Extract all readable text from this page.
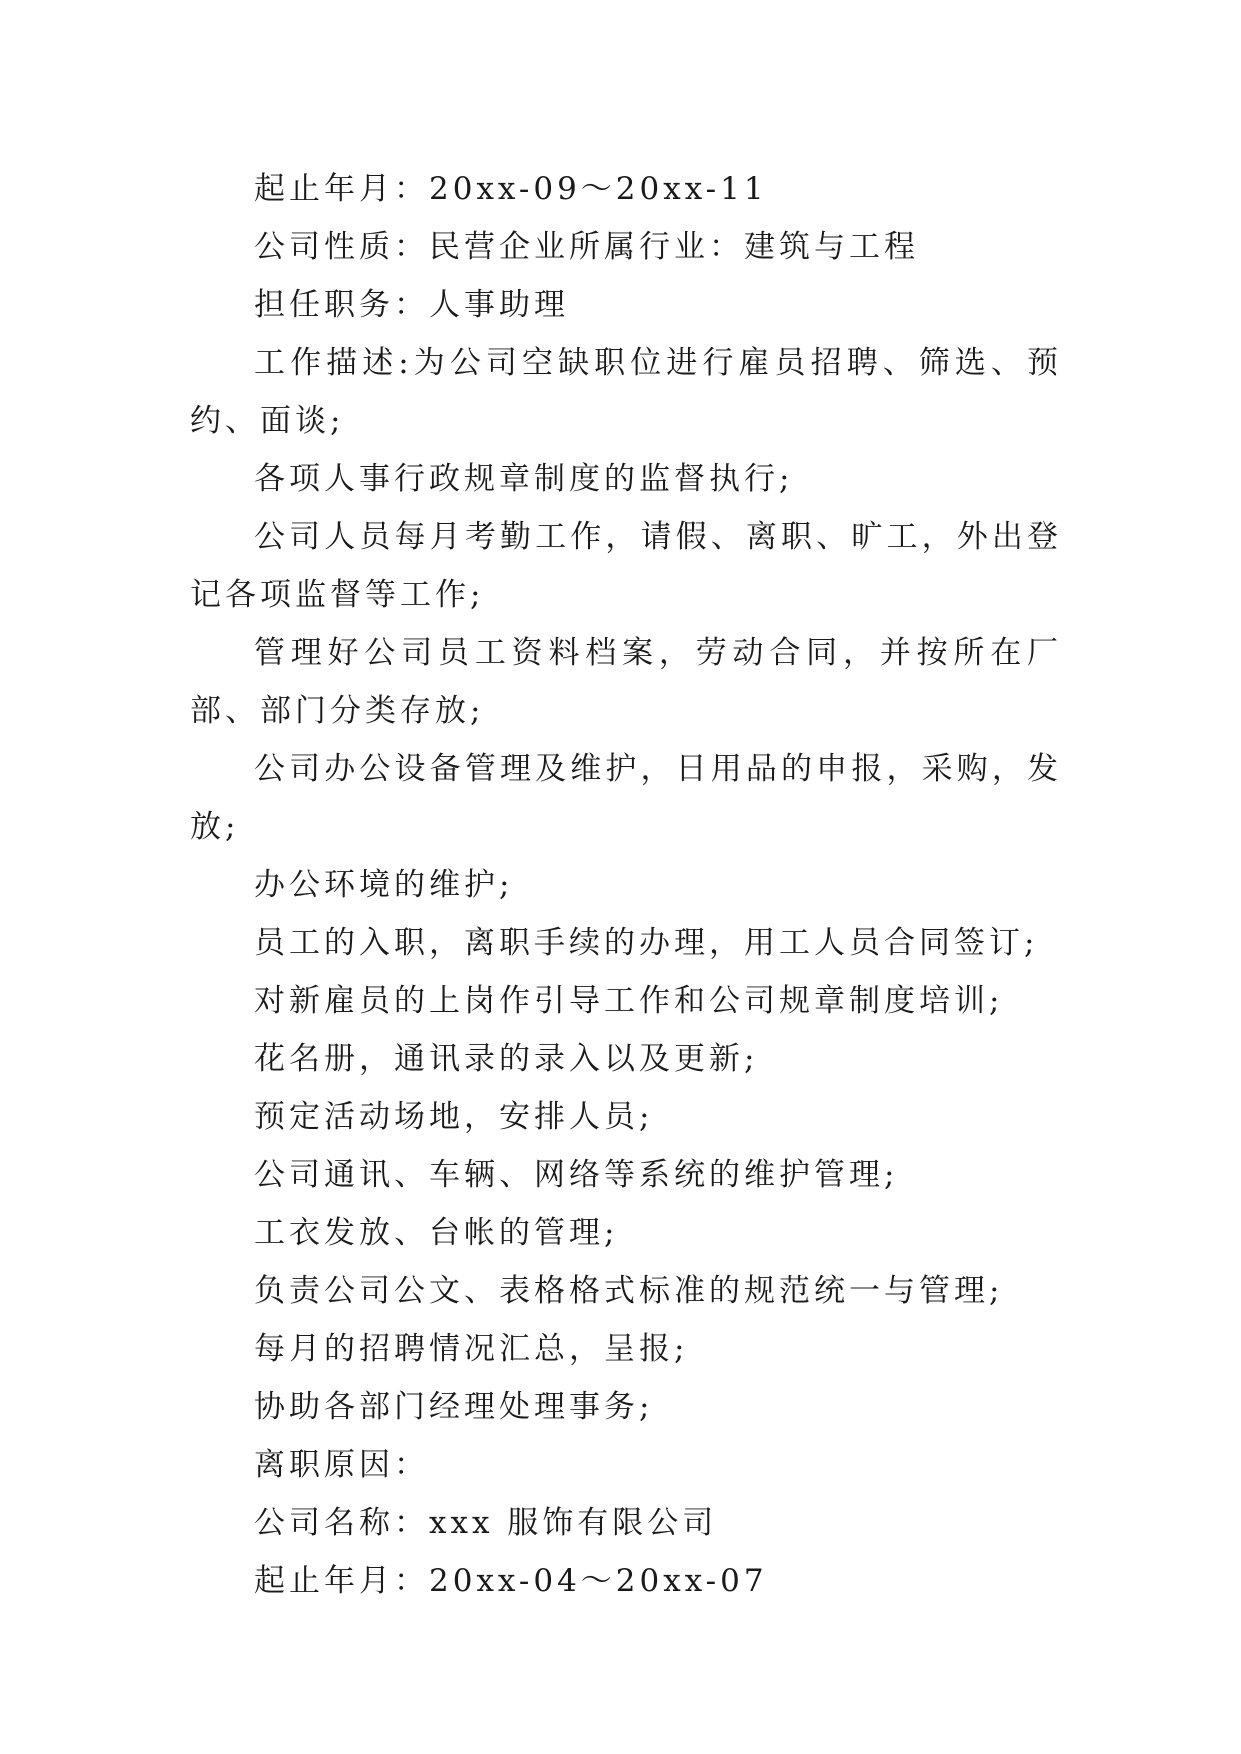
起止年月：20xx-09～20xx-11

公司性质：民营企业所属行业：建筑与工程

担任职务：人事助理

工作描述:为公司空缺职位进行雇员招聘、筛选、预约、面谈;

各项人事行政规章制度的监督执行;

公司人员每月考勤工作，请假、离职、旷工，外出登记各项监督等工作;

管理好公司员工资料档案，劳动合同，并按所在厂部、部门分类存放;

公司办公设备管理及维护，日用品的申报，采购，发放;

办公环境的维护;

员工的入职，离职手续的办理，用工人员合同签订;

对新雇员的上岗作引导工作和公司规章制度培训;

花名册，通讯录的录入以及更新;

预定活动场地，安排人员;

公司通讯、车辆、网络等系统的维护管理;

工衣发放、台帐的管理;

负责公司公文、表格格式标准的规范统一与管理;

每月的招聘情况汇总，呈报;

协助各部门经理处理事务;

离职原因：

公司名称：xxx 服饰有限公司

起止年月：20xx-04～20xx-07
